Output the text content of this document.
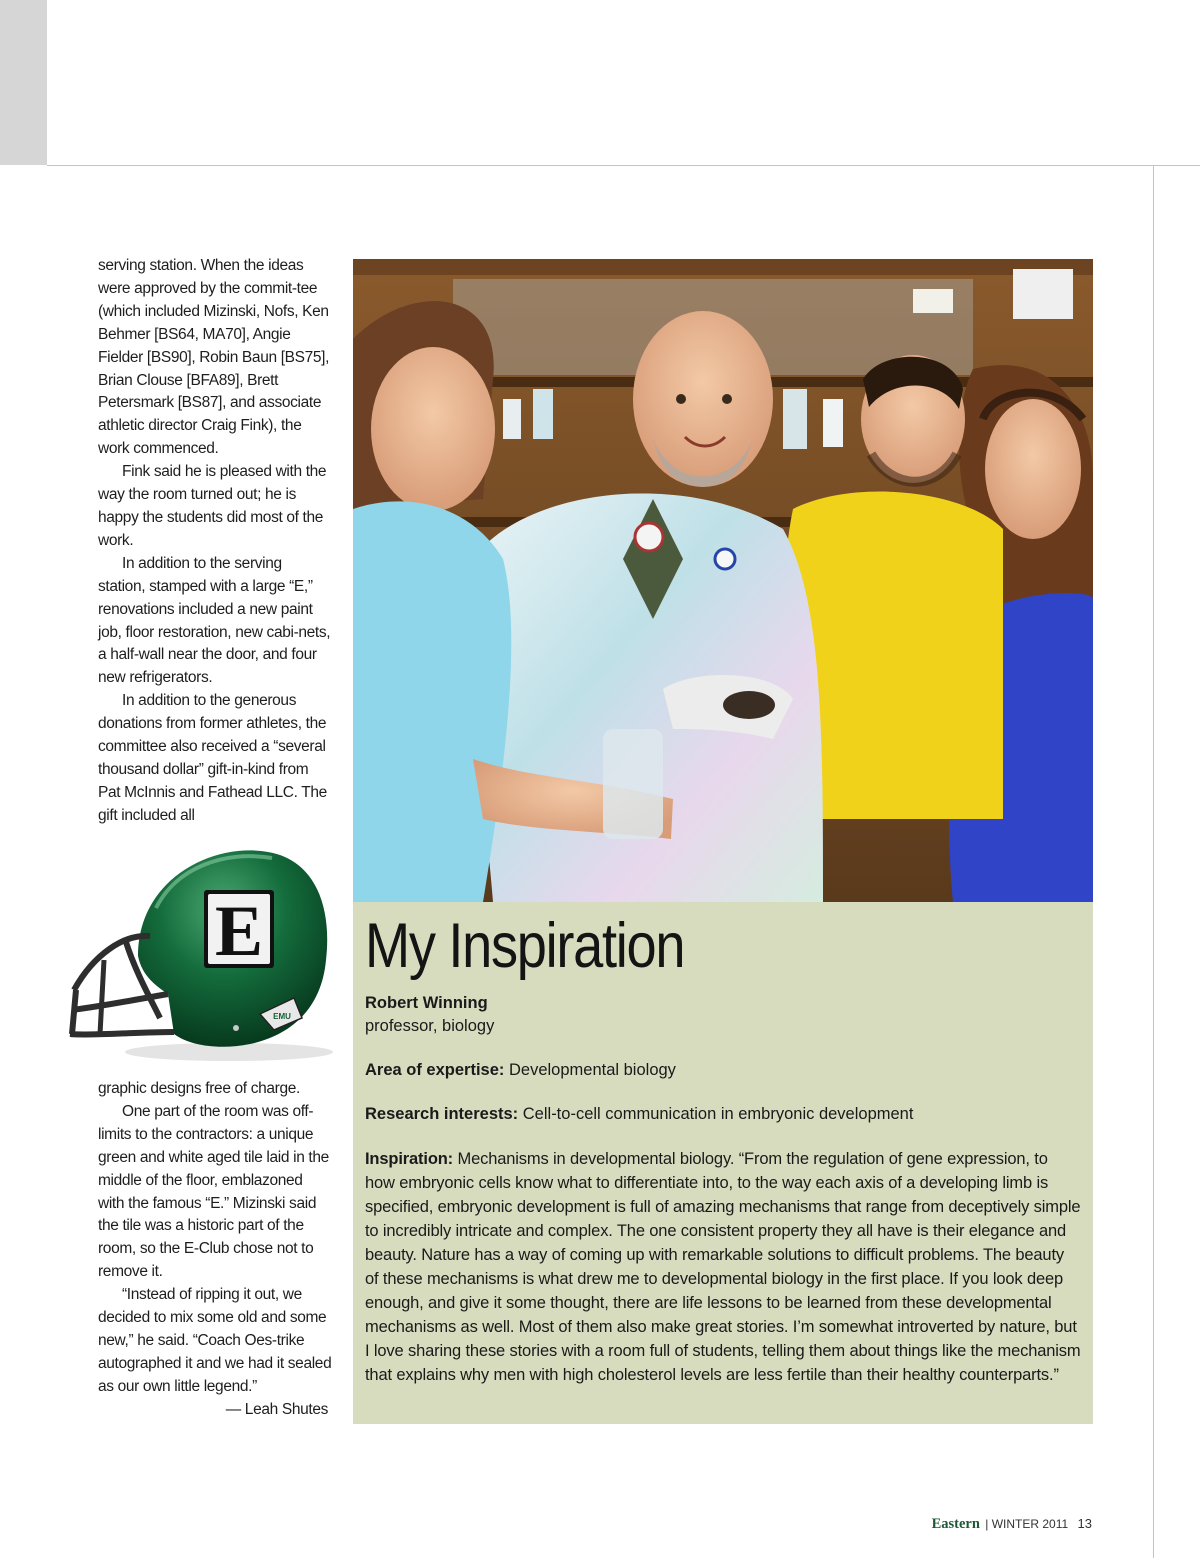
serving station. When the ideas were approved by the commit-tee (which included Mizinski, Nofs, Ken Behmer [BS64, MA70], Angie Fielder [BS90], Robin Baun [BS75], Brian Clouse [BFA89], Brett Petersmark [BS87], and associate athletic director Craig Fink), the work commenced.

Fink said he is pleased with the way the room turned out; he is happy the students did most of the work.

In addition to the serving station, stamped with a large “E,” renovations included a new paint job, floor restoration, new cabi-nets, a half-wall near the door, and four new refrigerators.

In addition to the generous donations from former athletes, the committee also received a “several thousand dollar” gift-in-kind from Pat McInnis and Fathead LLC. The gift included all

E
EMU

graphic designs free of charge.

One part of the room was off-limits to the contractors: a unique green and white aged tile laid in the middle of the floor, emblazoned with the famous “E.” Mizinski said the tile was a historic part of the room, so the E-Club chose not to remove it.

“Instead of ripping it out, we decided to mix some old and some new,” he said. “Coach Oes-trike autographed it and we had it sealed as our own little legend.”

— Leah Shutes

My Inspiration
Robert Winning
professor, biology
Area of expertise: Developmental biology
Research interests: Cell-to-cell communication in embryonic development
Inspiration: Mechanisms in developmental biology. “From the regulation of gene expression, to how embryonic cells know what to differentiate into, to the way each axis of a developing limb is specified, embryonic development is full of amazing mechanisms that range from deceptively simple to incredibly intricate and complex. The one consistent property they all have is their elegance and beauty. Nature has a way of coming up with remarkable solutions to difficult problems. The beauty of these mechanisms is what drew me to developmental biology in the first place. If you look deep enough, and give it some thought, there are life lessons to be learned from these developmental mechanisms as well. Most of them also make great stories. I’m somewhat introverted by nature, but I love sharing these stories with a room full of students, telling them about things like the mechanism that explains why men with high cholesterol levels are less fertile than their healthy counterparts.”
Eastern | WINTER 2011 13
